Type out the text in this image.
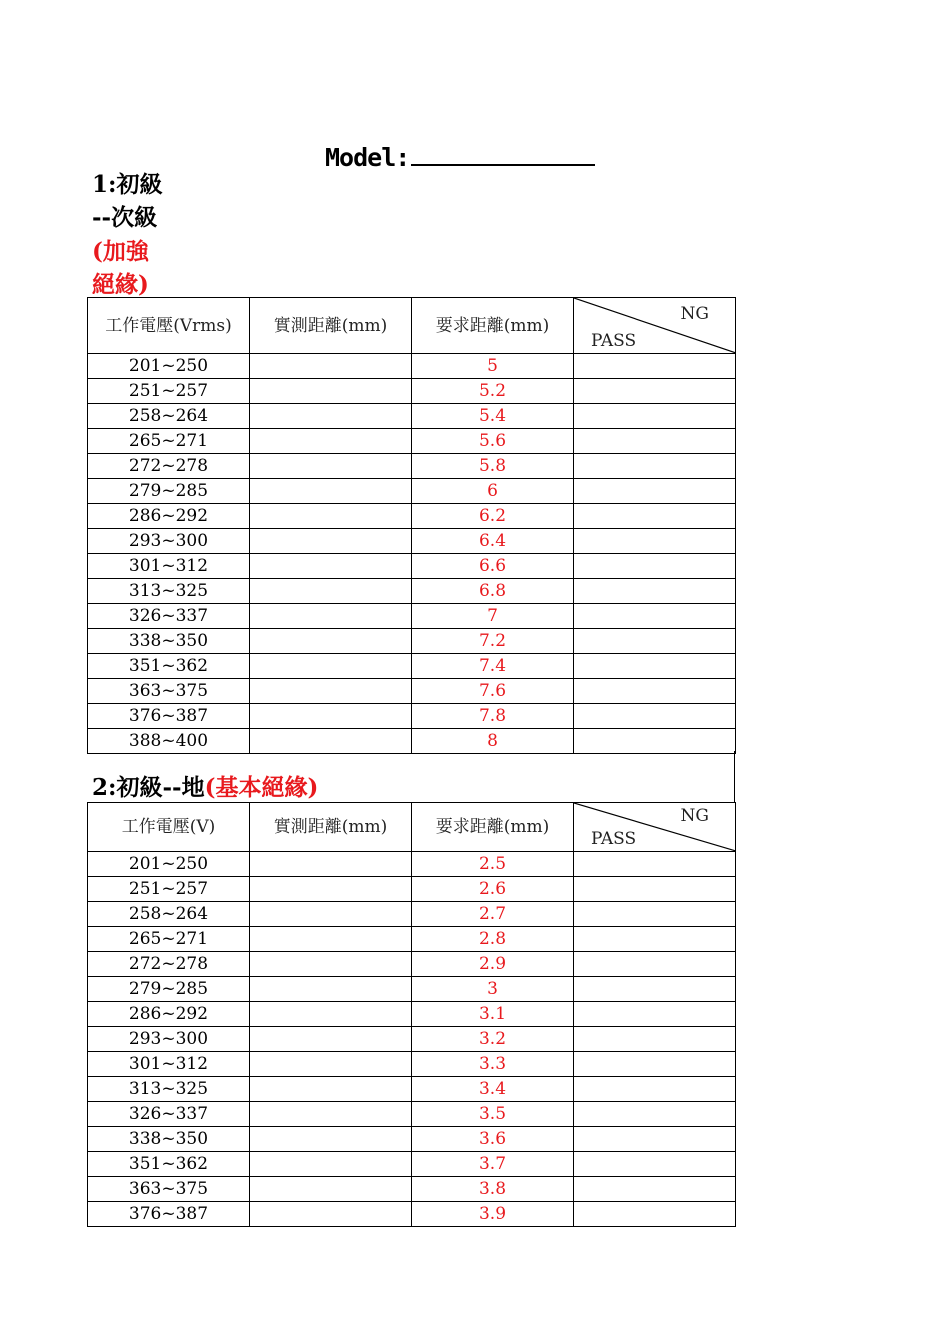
Model:
1:初級
--次級
(加強
絕緣)
工作電壓(Vrms)	實測距離(mm)	要求距離(mm)	NG
PASS

201~250		5	
251~257		5.2	
258~264		5.4	
265~271		5.6	
272~278		5.8	
279~285		6	
286~292		6.2	
293~300		6.4	
301~312		6.6	
313~325		6.8	
326~337		7	
338~350		7.2	
351~362		7.4	
363~375		7.6	
376~387		7.8	
388~400		8	
2:初級--地(基本絕緣)
工作電壓(V)	實測距離(mm)	要求距離(mm)	NG
PASS

201~250		2.5	
251~257		2.6	
258~264		2.7	
265~271		2.8	
272~278		2.9	
279~285		3	
286~292		3.1	
293~300		3.2	
301~312		3.3	
313~325		3.4	
326~337		3.5	
338~350		3.6	
351~362		3.7	
363~375		3.8	
376~387		3.9	
